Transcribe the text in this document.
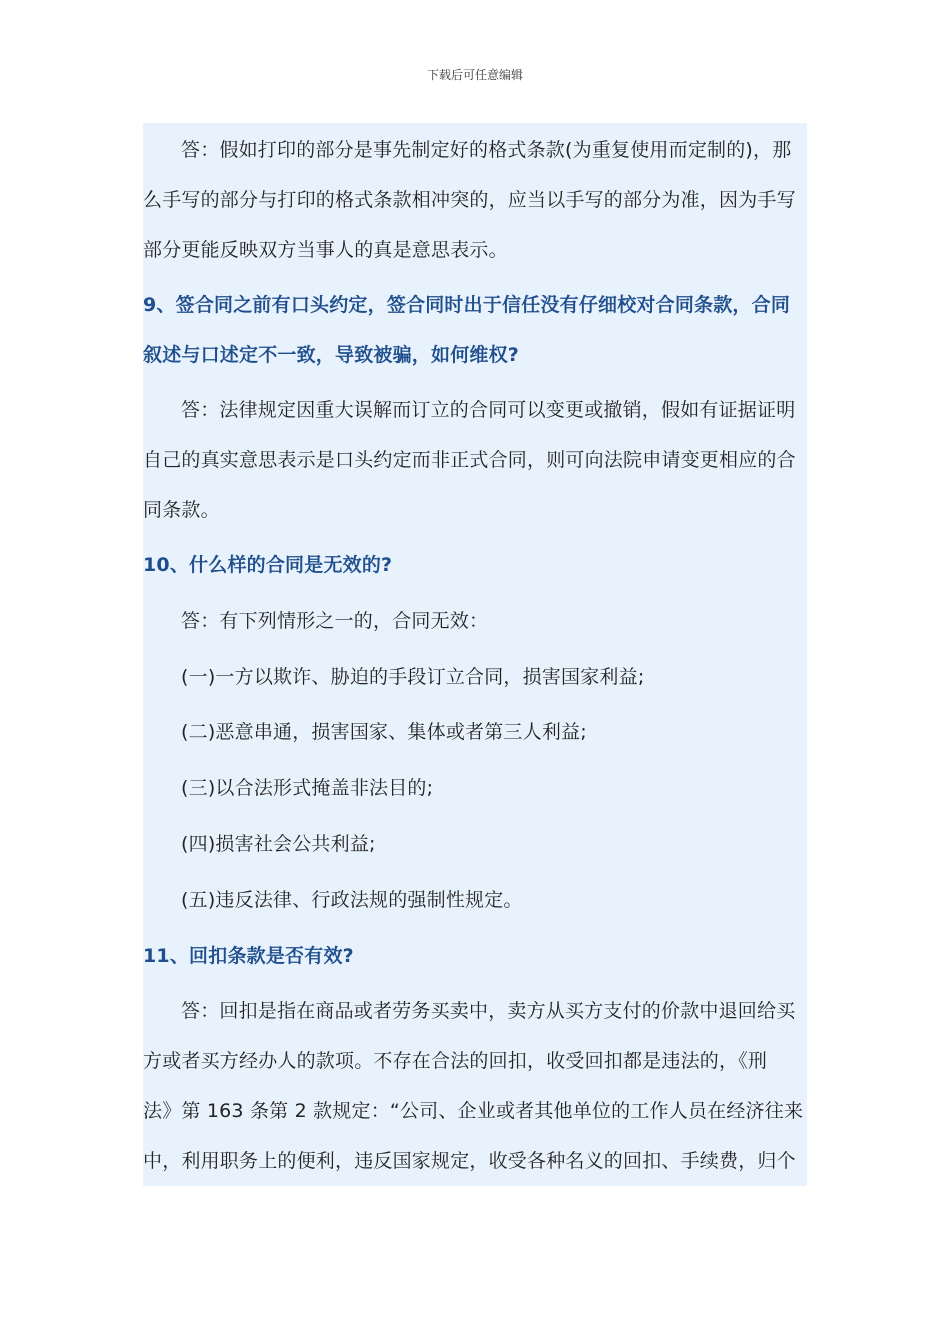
下载后可任意编辑
答：假如打印的部分是事先制定好的格式条款(为重复使用而定制的)，那
么手写的部分与打印的格式条款相冲突的，应当以手写的部分为准，因为手写
部分更能反映双方当事人的真是意思表示。
9、签合同之前有口头约定，签合同时出于信任没有仔细校对合同条款，合同
叙述与口述定不一致，导致被骗，如何维权?
答：法律规定因重大误解而订立的合同可以变更或撤销，假如有证据证明
自己的真实意思表示是口头约定而非正式合同，则可向法院申请变更相应的合
同条款。
10、什么样的合同是无效的?
答：有下列情形之一的，合同无效：
(一)一方以欺诈、胁迫的手段订立合同，损害国家利益;
(二)恶意串通，损害国家、集体或者第三人利益;
(三)以合法形式掩盖非法目的;
(四)损害社会公共利益;
(五)违反法律、行政法规的强制性规定。
11、回扣条款是否有效?
答：回扣是指在商品或者劳务买卖中，卖方从买方支付的价款中退回给买
方或者买方经办人的款项。不存在合法的回扣，收受回扣都是违法的，《刑
法》第 163 条第 2 款规定：“公司、企业或者其他单位的工作人员在经济往来
中，利用职务上的便利，违反国家规定，收受各种名义的回扣、手续费，归个
